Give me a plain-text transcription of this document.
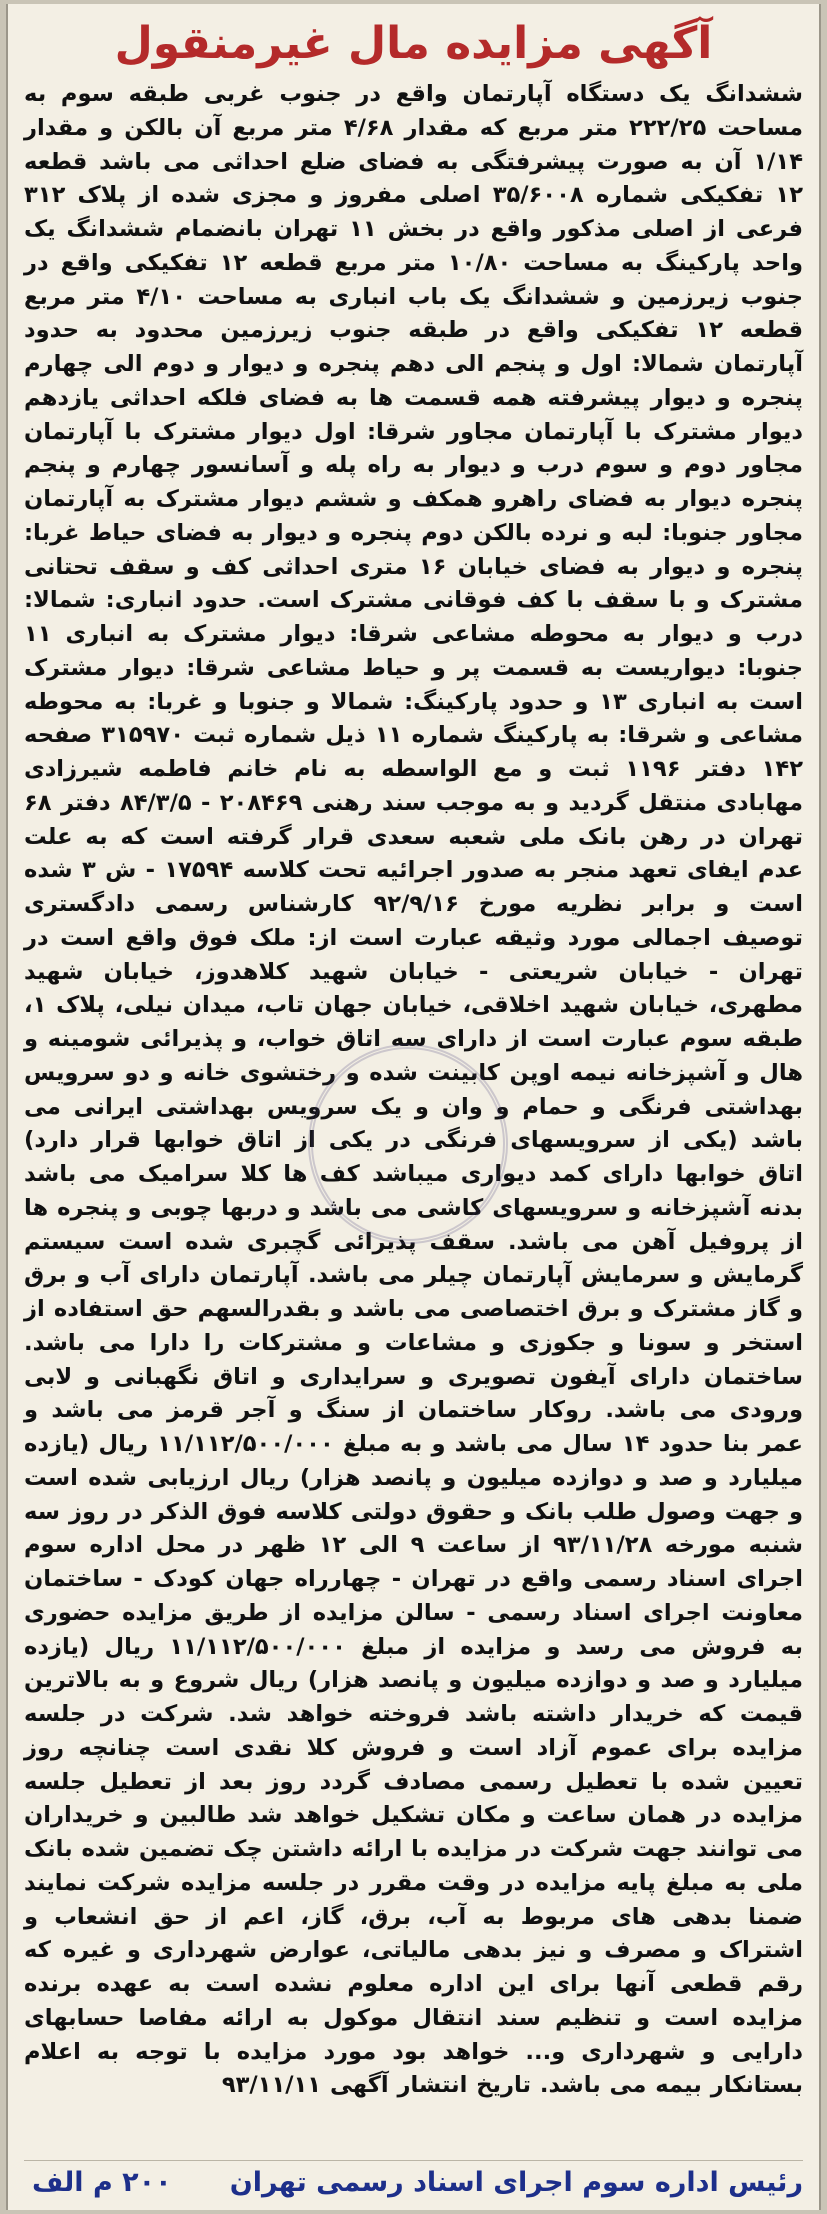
آگهی مزایده مال غیرمنقول

ششدانگ یک دستگاه آپارتمان واقع در جنوب غربی طبقه سوم به مساحت ۲۲۲/۲۵ متر مربع که مقدار ۴/۶۸ متر مربع آن بالکن و مقدار ۱/۱۴ آن به صورت پیشرفتگی به فضای ضلع احداثی می باشد قطعه ۱۲ تفکیکی شماره ۳۵/۶۰۰۸ اصلی مفروز و مجزی شده از پلاک ۳۱۲ فرعی از اصلی مذکور واقع در بخش ۱۱ تهران بانضمام ششدانگ یک واحد پارکینگ به مساحت ۱۰/۸۰ متر مربع قطعه ۱۲ تفکیکی واقع در جنوب زیرزمین و ششدانگ یک باب انباری به مساحت ۴/۱۰ متر مربع قطعه ۱۲ تفکیکی واقع در طبقه جنوب زیرزمین محدود به حدود آپارتمان شمالا: اول و پنجم الی دهم پنجره و دیوار و دوم الی چهارم پنجره و دیوار پیشرفته همه قسمت ها به فضای فلکه احداثی یازدهم دیوار مشترک با آپارتمان مجاور شرقا: اول دیوار مشترک با آپارتمان مجاور دوم و سوم درب و دیوار به راه پله و آسانسور چهارم و پنجم پنجره دیوار به فضای راهرو همکف و ششم دیوار مشترک به آپارتمان مجاور جنوبا: لبه و نرده بالکن دوم پنجره و دیوار به فضای حیاط غربا: پنجره و دیوار به فضای خیابان ۱۶ متری احداثی کف و سقف تحتانی مشترک و با سقف با کف فوقانی مشترک است. حدود انباری: شمالا: درب و دیوار به محوطه مشاعی شرقا: دیوار مشترک به انباری ۱۱ جنوبا: دیواریست به قسمت پر و حیاط مشاعی شرقا: دیوار مشترک است به انباری ۱۳ و حدود پارکینگ: شمالا و جنوبا و غربا: به محوطه مشاعی و شرقا: به پارکینگ شماره ۱۱ ذیل شماره ثبت ۳۱۵۹۷۰ صفحه ۱۴۲ دفتر ۱۱۹۶ ثبت و مع الواسطه به نام خانم فاطمه شیرزادی مهابادی منتقل گردید و به موجب سند رهنی ۲۰۸۴۶۹ - ۸۴/۳/۵ دفتر ۶۸ تهران در رهن بانک ملی شعبه سعدی قرار گرفته است که به علت عدم ایفای تعهد منجر به صدور اجرائیه تحت کلاسه ۱۷۵۹۴ - ش ۳ شده است و برابر نظریه مورخ ۹۲/۹/۱۶ کارشناس رسمی دادگستری توصیف اجمالی مورد وثیقه عبارت است از: ملک فوق واقع است در تهران - خیابان شریعتی - خیابان شهید کلاهدوز، خیابان شهید مطهری، خیابان شهید اخلاقی، خیابان جهان تاب، میدان نیلی، پلاک ۱، طبقه سوم عبارت است از دارای سه اتاق خواب، و پذیرائی شومینه و هال و آشپزخانه نیمه اوپن کابینت شده و رختشوی خانه و دو سرویس بهداشتی فرنگی و حمام و وان و یک سرویس بهداشتی ایرانی می باشد (یکی از سرویسهای فرنگی در یکی از اتاق خوابها قرار دارد) اتاق خوابها دارای کمد دیواری میباشد کف ها کلا سرامیک می باشد بدنه آشپزخانه و سرویسهای کاشی می باشد و دربها چوبی و پنجره ها از پروفیل آهن می باشد. سقف پذیرائی گچبری شده است سیستم گرمایش و سرمایش آپارتمان چیلر می باشد. آپارتمان دارای آب و برق و گاز مشترک و برق اختصاصی می باشد و بقدرالسهم حق استفاده از استخر و سونا و جکوزی و مشاعات و مشترکات را دارا می باشد. ساختمان دارای آیفون تصویری و سرایداری و اتاق نگهبانی و لابی ورودی می باشد. روکار ساختمان از سنگ و آجر قرمز می باشد و عمر بنا حدود ۱۴ سال می باشد و به مبلغ ۱۱/۱۱۲/۵۰۰/۰۰۰ ریال (یازده میلیارد و صد و دوازده میلیون و پانصد هزار) ریال ارزیابی شده است و جهت وصول طلب بانک و حقوق دولتی کلاسه فوق الذکر در روز سه شنبه مورخه ۹۳/۱۱/۲۸ از ساعت ۹ الی ۱۲ ظهر در محل اداره سوم اجرای اسناد رسمی واقع در تهران - چهارراه جهان کودک - ساختمان معاونت اجرای اسناد رسمی - سالن مزایده از طریق مزایده حضوری به فروش می رسد و مزایده از مبلغ ۱۱/۱۱۲/۵۰۰/۰۰۰ ریال (یازده میلیارد و صد و دوازده میلیون و پانصد هزار) ریال شروع و به بالاترین قیمت که خریدار داشته باشد فروخته خواهد شد. شرکت در جلسه مزایده برای عموم آزاد است و فروش کلا نقدی است چنانچه روز تعیین شده با تعطیل رسمی مصادف گردد روز بعد از تعطیل جلسه مزایده در همان ساعت و مکان تشکیل خواهد شد طالبین و خریداران می توانند جهت شرکت در مزایده با ارائه داشتن چک تضمین شده بانک ملی به مبلغ پایه مزایده در وقت مقرر در جلسه مزایده شرکت نمایند ضمنا بدهی های مربوط به آب، برق، گاز، اعم از حق انشعاب و اشتراک و مصرف و نیز بدهی مالیاتی، عوارض شهرداری و غیره که رقم قطعی آنها برای این اداره معلوم نشده است به عهده برنده مزایده است و تنظیم سند انتقال موکول به ارائه مفاصا حسابهای دارایی و شهرداری و... خواهد بود مورد مزایده با توجه به اعلام بستانکار بیمه می باشد. تاریخ انتشار آگهی ۹۳/۱۱/۱۱

رئیس اداره سوم اجرای اسناد رسمی تهران
۲۰۰ م الف
